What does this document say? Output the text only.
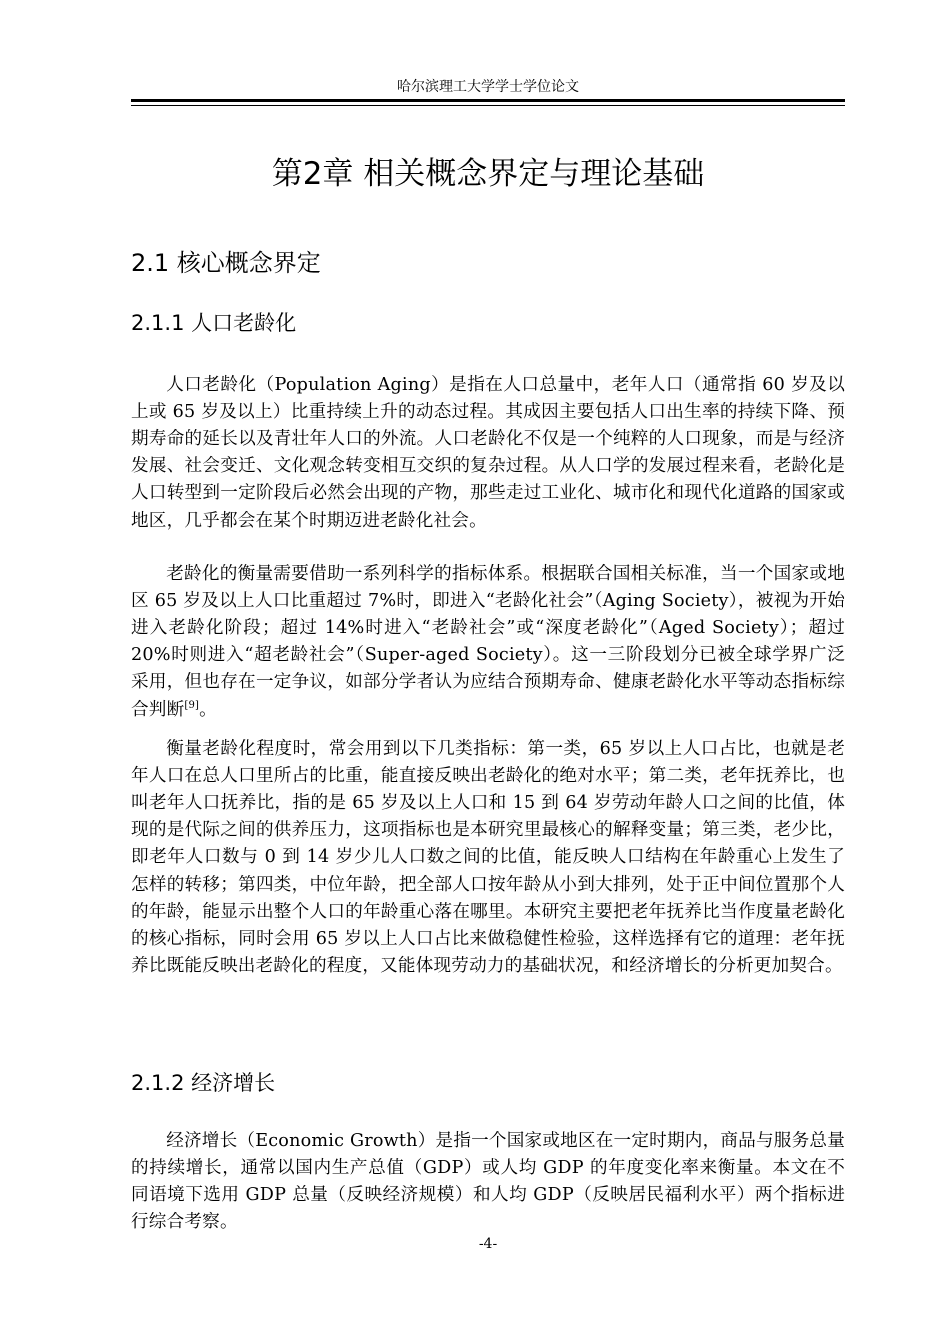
哈尔滨理工大学学士学位论文
第2章 相关概念界定与理论基础
2.1 核心概念界定
2.1.1 人口老龄化

人口老龄化（Population Aging）是指在人口总量中，老年人口（通常指 60 岁及以上或 65 岁及以上）比重持续上升的动态过程。其成因主要包括人口出生率的持续下降、预期寿命的延长以及青壮年人口的外流。人口老龄化不仅是一个纯粹的人口现象，而是与经济发展、社会变迁、文化观念转变相互交织的复杂过程。从人口学的发展过程来看，老龄化是人口转型到一定阶段后必然会出现的产物，那些走过工业化、城市化和现代化道路的国家或地区，几乎都会在某个时期迈进老龄化社会。

老龄化的衡量需要借助一系列科学的指标体系。根据联合国相关标准，当一个国家或地区 65 岁及以上人口比重超过 7%时，即进入“老龄化社会”（Aging Society），被视为开始进入老龄化阶段；超过 14%时进入“老龄社会”或“深度老龄化”（Aged Society）；超过 20%时则进入“超老龄社会”（Super-aged Society）。这一三阶段划分已被全球学界广泛采用，但也存在一定争议，如部分学者认为应结合预期寿命、健康老龄化水平等动态指标综合判断[9]。

衡量老龄化程度时，常会用到以下几类指标：第一类，65 岁以上人口占比，也就是老年人口在总人口里所占的比重，能直接反映出老龄化的绝对水平；第二类，老年抚养比，也叫老年人口抚养比，指的是 65 岁及以上人口和 15 到 64 岁劳动年龄人口之间的比值，体现的是代际之间的供养压力，这项指标也是本研究里最核心的解释变量；第三类，老少比，即老年人口数与 0 到 14 岁少儿人口数之间的比值，能反映人口结构在年龄重心上发生了怎样的转移；第四类，中位年龄，把全部人口按年龄从小到大排列，处于正中间位置那个人的年龄，能显示出整个人口的年龄重心落在哪里。本研究主要把老年抚养比当作度量老龄化的核心指标，同时会用 65 岁以上人口占比来做稳健性检验，这样选择有它的道理：老年抚养比既能反映出老龄化的程度，又能体现劳动力的基础状况，和经济增长的分析更加契合。

2.1.2 经济增长

经济增长（Economic Growth）是指一个国家或地区在一定时期内，商品与服务总量的持续增长，通常以国内生产总值（GDP）或人均 GDP 的年度变化率来衡量。本文在不同语境下选用 GDP 总量（反映经济规模）和人均 GDP（反映居民福利水平）两个指标进行综合考察。

-4-
